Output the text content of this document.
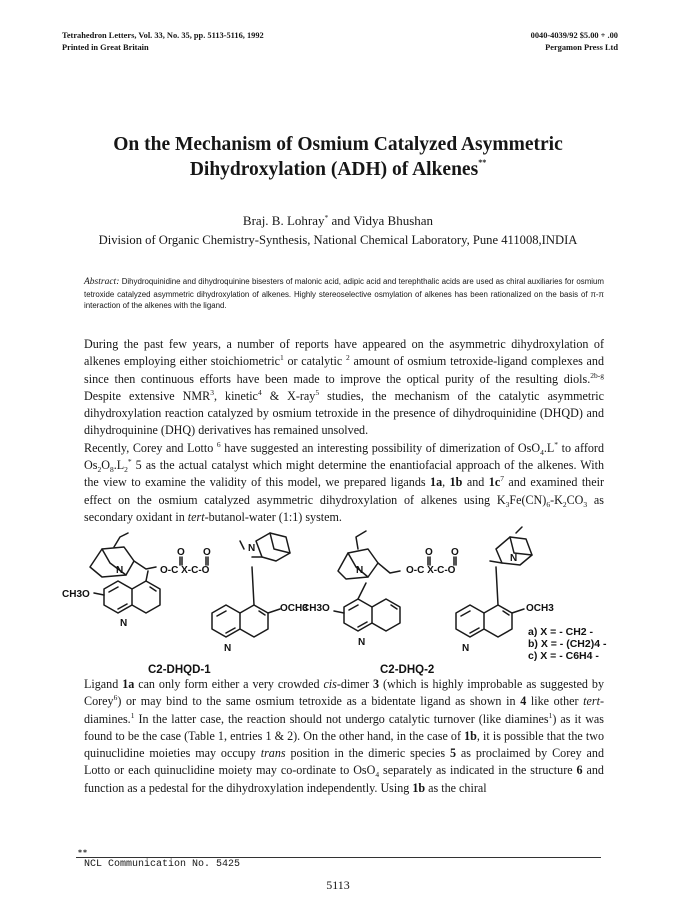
Tetrahedron Letters, Vol. 33, No. 35, pp. 5113-5116, 1992
Printed in Great Britain
0040-4039/92 $5.00 + .00
Pergamon Press Ltd
On the Mechanism of Osmium Catalyzed Asymmetric
Dihydroxylation (ADH) of Alkenes**
Braj. B. Lohray* and Vidya Bhushan
Division of Organic Chemistry-Synthesis, National Chemical Laboratory, Pune 411008,INDIA
Abstract: Dihydroquinidine and dihydroquinine bisesters of malonic acid, adipic acid and terephthalic acids are used as chiral auxiliaries for osmium tetroxide catalyzed asymmetric dihydroxylation of alkenes. Highly stereoselective osmylation of alkenes has been rationalized on the basis of π-π interaction of the alkenes with the ligand.

During the past few years, a number of reports have appeared on the asymmetric dihydroxylation of alkenes employing either stoichiometric$^1$ or catalytic $^2$ amount of osmium tetroxide-ligand complexes and since then continuous efforts have been made to improve the optical purity of the resulting diols.$^{2b-g}$ Despite extensive NMR$^3$, kinetic$^4$ & X-ray$^5$ studies, the mechanism of the catalytic asymmetric dihydroxylation reaction catalyzed by osmium tetroxide in the presence of dihydroquinidine (DHQD) and dihydroquinine (DHQ) derivatives has remained unsolved.

Recently, Corey and Lotto $^6$ have suggested an interesting possibility of dimerization of OsO$_4$.L* to afford $Os_2O_8.L_2^*$ 5 as the actual catalyst which might determine the enantiofacial approach of the alkenes. With the view to examine the validity of this model, we prepared ligands 1a, 1b and $1c^7$ and examined their effect on the osmium catalyzed asymmetric dihydroxylation of alkenes using $K_3Fe(CN)_6-K_2CO_3$ as secondary oxidant in tert-butanol-water (1:1) system.

N
N
N
N
N
N
N
N
O O	O O
O-C X-C-O	O-C X-C-O
CH3O
OCH3
CH3O	OCH3
a) X = - CH2 -
b) X = - (CH2)4 -
c) X = - C6H4 -
C2-DHQD-1	C2-DHQ-2

Ligand 1a can only form either a very crowded cis-dimer 3 (which is highly improbable as suggested by Corey$^6$) or may bind to the same osmium tetroxide as a bidentate ligand as shown in 4 like other tert-diamines.$^1$ In the latter case, the reaction should not undergo catalytic turnover (like diamines$^1$) as it was found to be the case (Table 1, entries 1 & 2). On the other hand, in the case of 1b, it is possible that the two quinuclidine moieties may occupy trans position in the dimeric species 5 as proclaimed by Corey and Lotto or each quinuclidine moiety may co-ordinate to OsO$_4$ separately as indicated in the structure 6 and function as a pedestal for the dihydroxylation independently. Using 1b as the chiral

**
NCL Communication No. 5425
5113
